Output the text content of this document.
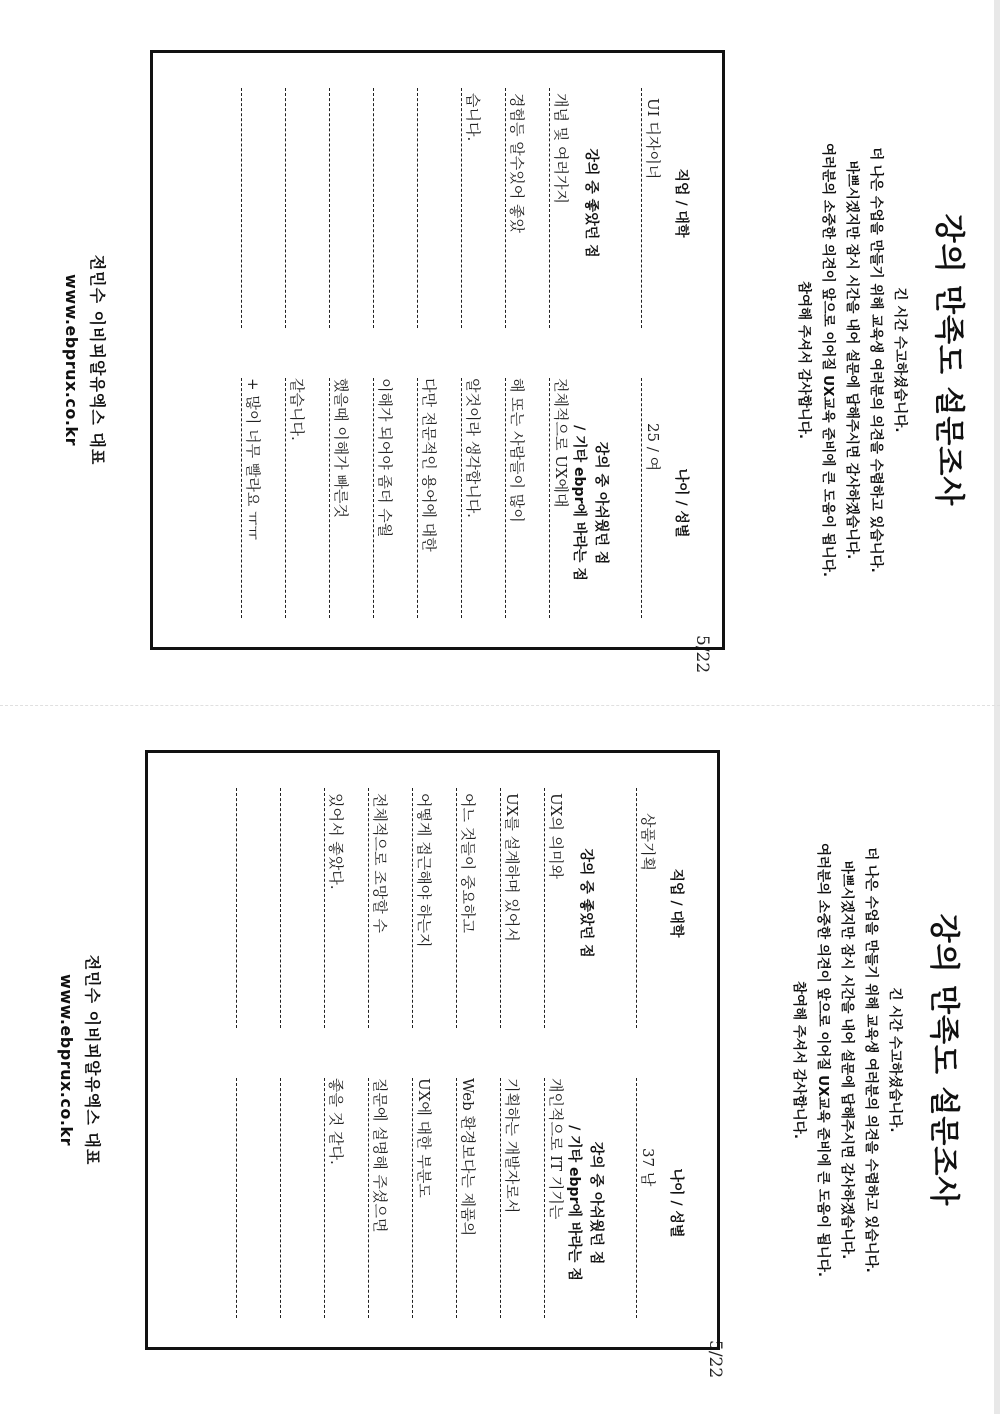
강의 만족도 설문조사
긴 시간 수고하셨습니다.
더 나은 수업을 만들기 위해 교육생 여러분의 의견을 수렴하고 있습니다.
바쁘시겠지만 잠시 시간을 내어 설문에 답해주시면 감사하겠습니다.
여러분의 소중한 의견이 앞으로 이어질 UX교육 준비에 큰 도움이 됩니다.
참여해 주셔서 감사합니다.
5/22
직업 / 대학
나이 / 성별
UI 디자이너
25 / 여
강의 중 좋았던 점
강의 중 아쉬웠던 점
/ 기타 ebpr에 바라는 점
개념 및 여러가지
경험등 알수있어 좋았
습니다.
전체적으로 UX에대
해 또는 사람들이 많이
알것이라 생각합니다.
다만 전문적인 용어에 대한
이해가 되어야 좀더 수월
했을때 이해가 빠른것
같습니다.
+ 많이 너무 빨라요 ㅠㅠ
전민수 이비피알유엑스 대표
www.ebprux.co.kr
강의 만족도 설문조사
긴 시간 수고하셨습니다.
더 나은 수업을 만들기 위해 교육생 여러분의 의견을 수렴하고 있습니다.
바쁘시겠지만 잠시 시간을 내어 설문에 답해주시면 감사하겠습니다.
여러분의 소중한 의견이 앞으로 이어질 UX교육 준비에 큰 도움이 됩니다.
참여해 주셔서 감사합니다.
5/22
직업 / 대학
나이 / 성별
상품기획
37 남
강의 중 좋았던 점
강의 중 아쉬웠던 점
/ 기타 ebpr에 바라는 점
UX의 의미와
UX를 설계하며 있어서
어느 것들이 중요하고
어떻게 접근해야 하는지
전체적으로 조망할 수
있어서 좋았다.
개인적으로 IT 기기는
기획하는 개발자로서
Web 환경보다는 제품의
UX에 대한 부분도
질문에 설명해 주셨으면
좋을 것 같다.
전민수 이비피알유엑스 대표
www.ebprux.co.kr
